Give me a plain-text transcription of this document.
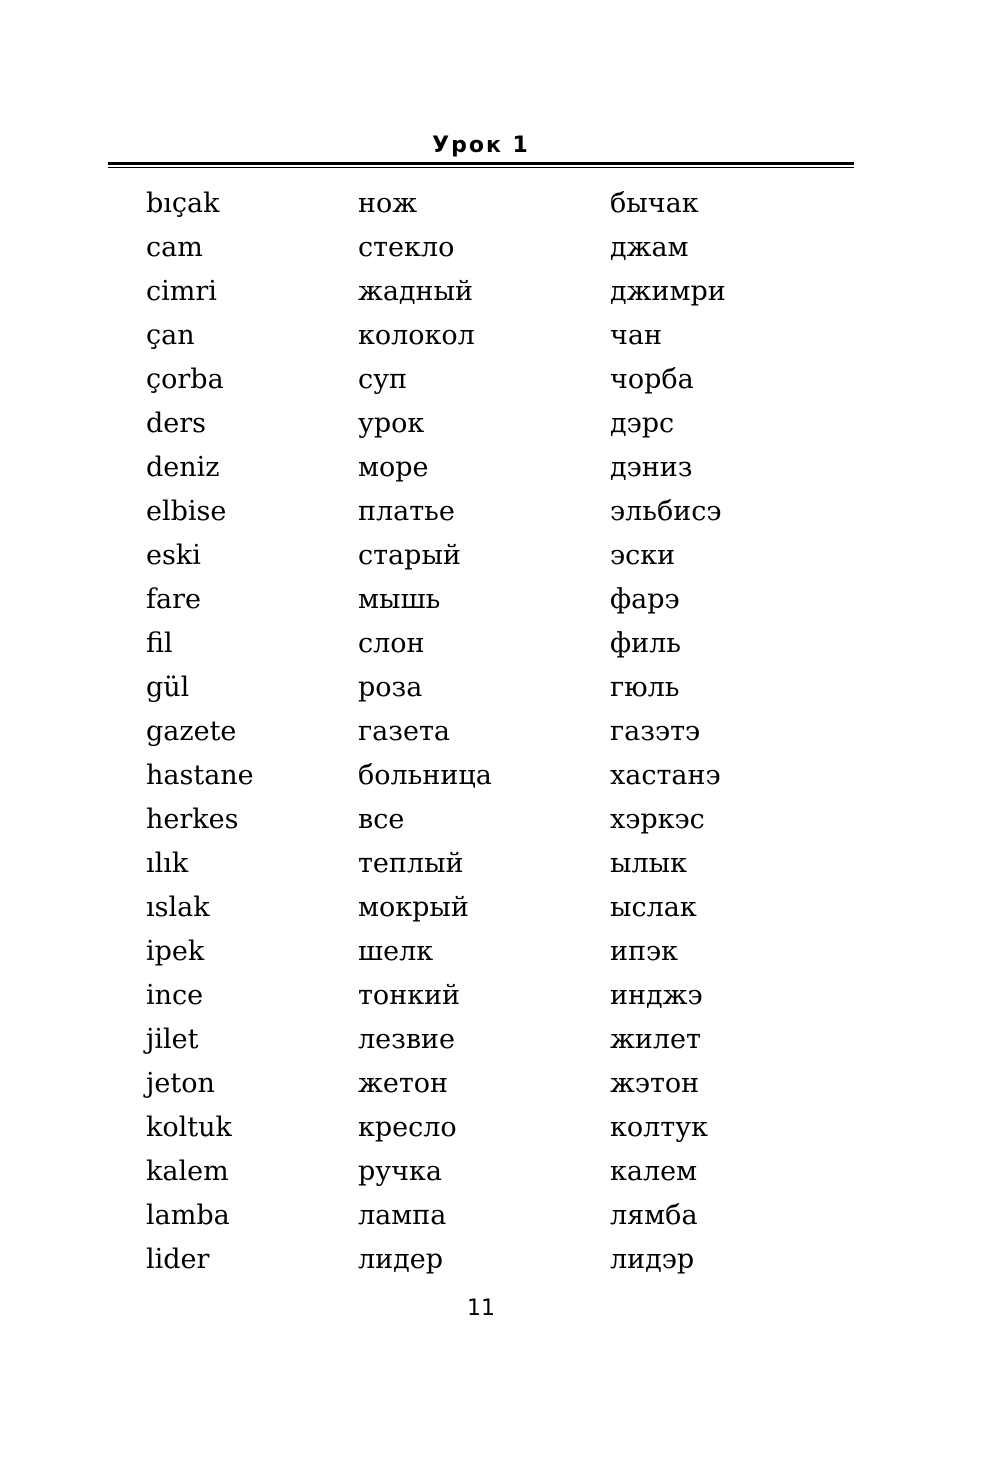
Урок 1
bıçak	нож	бычак
cam	стекло	джам
cimri	жадный	джимри
çan	колокол	чан
çorba	суп	чорба
ders	урок	дэрс
deniz	море	дэниз
elbise	платье	эльбисэ
eski	старый	эски
fare	мышь	фарэ
fil	слон	филь
gül	роза	гюль
gazete	газета	газэтэ
hastane	больница	хастанэ
herkes	все	хэркэс
ılık	теплый	ылык
ıslak	мокрый	ыслак
ipek	шелк	ипэк
ince	тонкий	инджэ
jilet	лезвие	жилет
jeton	жетон	жэтон
koltuk	кресло	колтук
kalem	ручка	калем
lamba	лампа	лямба
lider	лидер	лидэр
11
